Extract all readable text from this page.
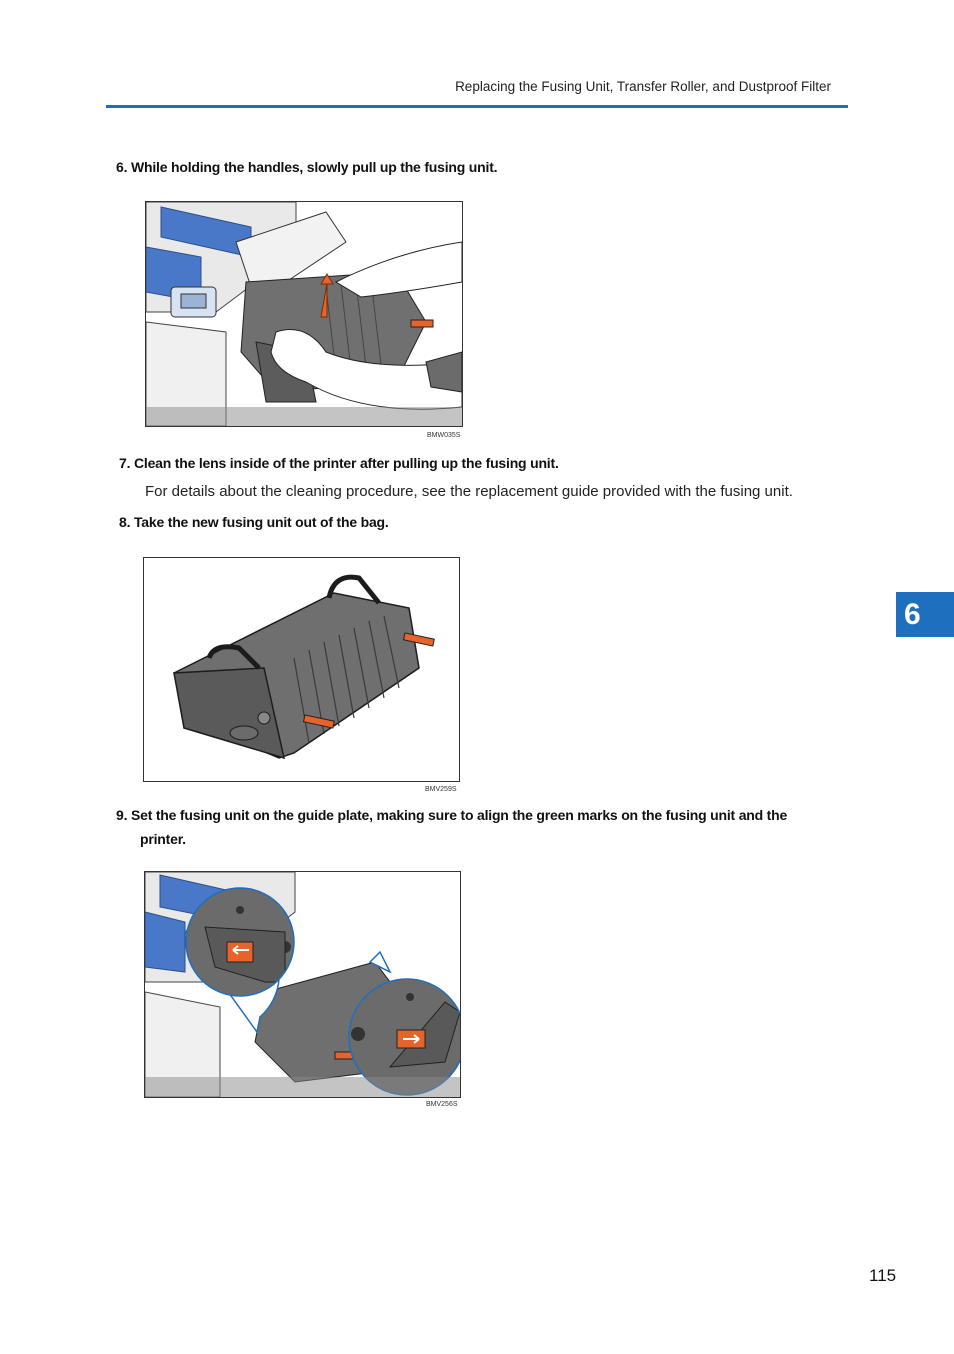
Replacing the Fusing Unit, Transfer Roller, and Dustproof Filter
6. While holding the handles, slowly pull up the fusing unit.
BMW035S
7. Clean the lens inside of the printer after pulling up the fusing unit.
For details about the cleaning procedure, see the replacement guide provided with the fusing unit.
8. Take the new fusing unit out of the bag.
BMV259S
9. Set the fusing unit on the guide plate, making sure to align the green marks on the fusing unit and the
printer.
BMV256S
6
115
